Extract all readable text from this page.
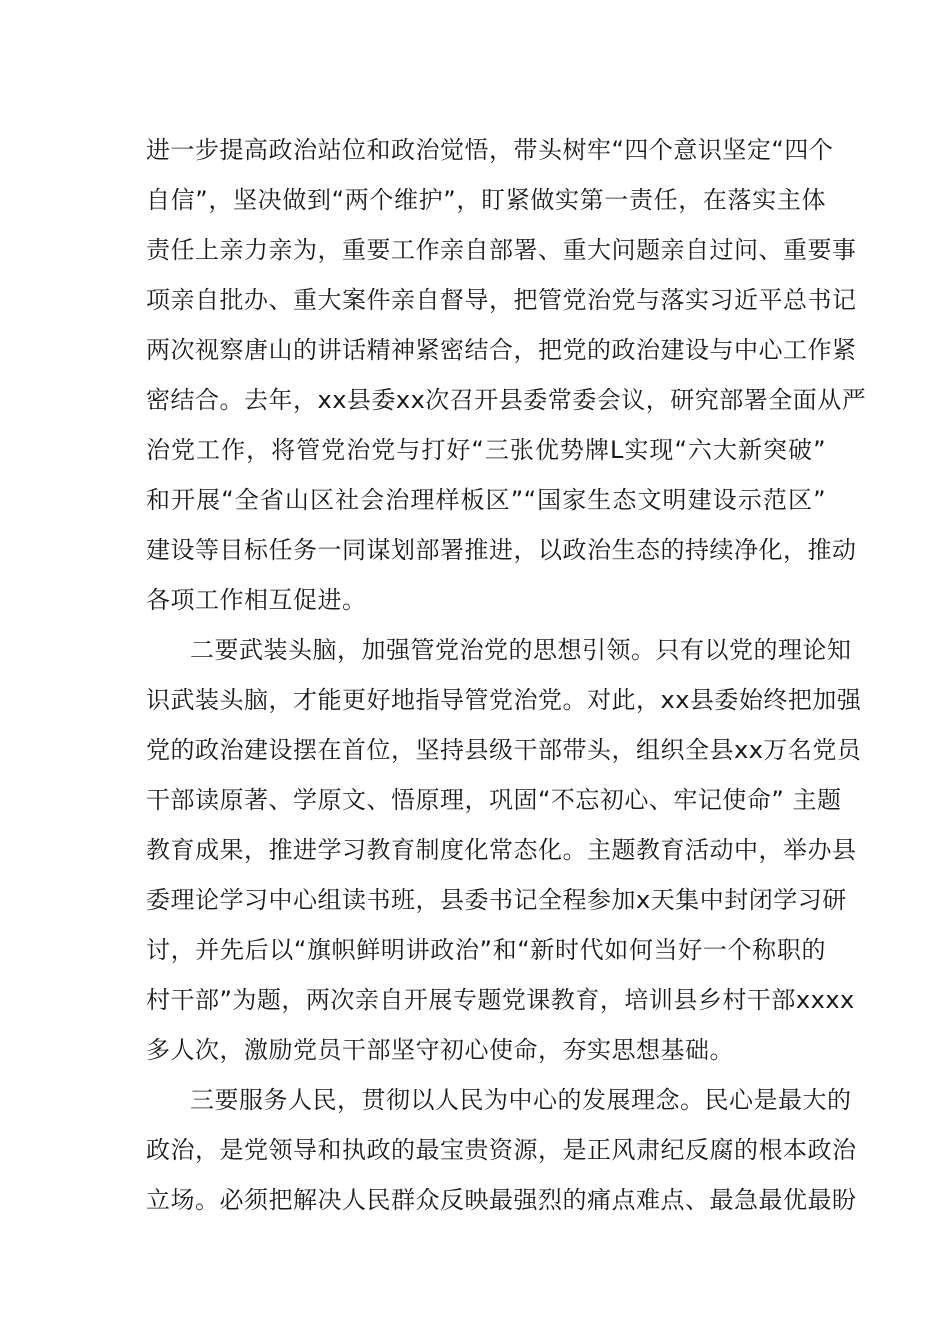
进一步提高政治站位和政治觉悟，带头树牢“四个意识坚定“四个
自信”，坚决做到“两个维护”，盯紧做实第一责任，在落实主体
责任上亲力亲为，重要工作亲自部署、重大问题亲自过问、重要事
项亲自批办、重大案件亲自督导，把管党治党与落实习近平总书记
两次视察唐山的讲话精神紧密结合，把党的政治建设与中心工作紧
密结合。去年，xx县委xx次召开县委常委会议，研究部署全面从严
治党工作，将管党治党与打好“三张优势牌L实现“六大新突破”
和开展“全省山区社会治理样板区”“国家生态文明建设示范区”
建设等目标任务一同谋划部署推进，以政治生态的持续净化，推动
各项工作相互促进。
二要武装头脑，加强管党治党的思想引领。只有以党的理论知
识武装头脑，才能更好地指导管党治党。对此，xx县委始终把加强
党的政治建设摆在首位，坚持县级干部带头，组织全县xx万名党员
干部读原著、学原文、悟原理，巩固“不忘初心、牢记使命” 主题
教育成果，推进学习教育制度化常态化。主题教育活动中，举办县
委理论学习中心组读书班，县委书记全程参加x天集中封闭学习研
讨，并先后以“旗帜鲜明讲政治”和“新时代如何当好一个称职的
村干部”为题，两次亲自开展专题党课教育，培训县乡村干部xxxx
多人次，激励党员干部坚守初心使命，夯实思想基础。
三要服务人民，贯彻以人民为中心的发展理念。民心是最大的
政治，是党领导和执政的最宝贵资源，是正风肃纪反腐的根本政治
立场。必须把解决人民群众反映最强烈的痛点难点、最急最优最盼
